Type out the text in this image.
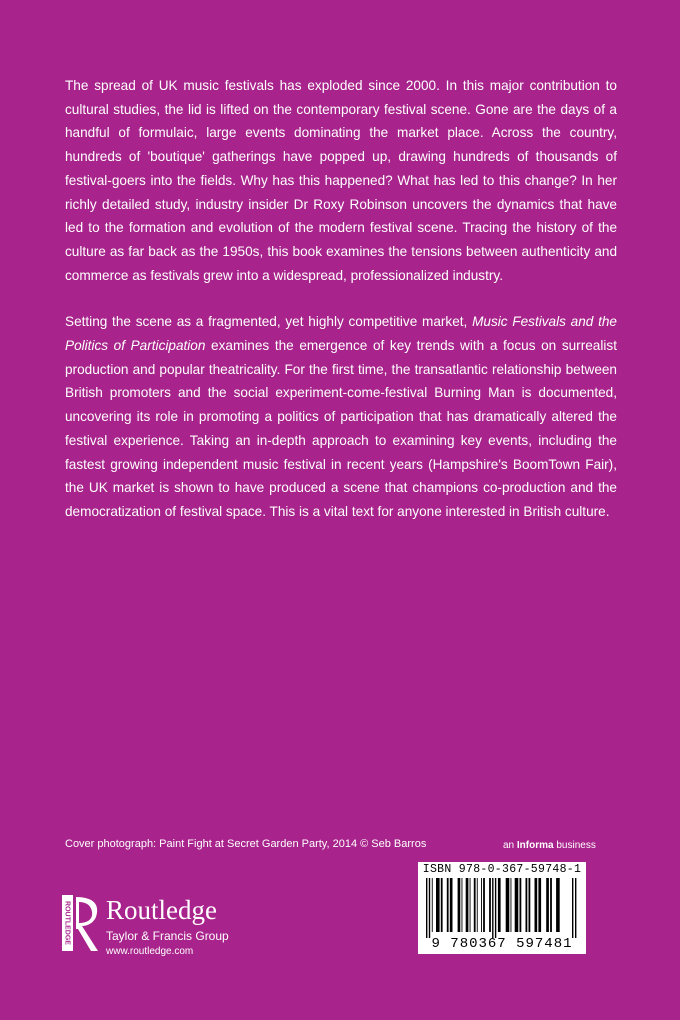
The spread of UK music festivals has exploded since 2000. In this major contribution to cultural studies, the lid is lifted on the contemporary festival scene. Gone are the days of a handful of formulaic, large events dominating the market place. Across the country, hundreds of 'boutique' gatherings have popped up, drawing hundreds of thousands of festival-goers into the fields. Why has this happened? What has led to this change? In her richly detailed study, industry insider Dr Roxy Robinson uncovers the dynamics that have led to the formation and evolution of the modern festival scene. Tracing the history of the culture as far back as the 1950s, this book examines the tensions between authenticity and commerce as festivals grew into a widespread, professionalized industry.

Setting the scene as a fragmented, yet highly competitive market, Music Festivals and the Politics of Participation examines the emergence of key trends with a focus on surrealist production and popular theatricality. For the first time, the transatlantic relationship between British promoters and the social experiment-come-festival Burning Man is documented, uncovering its role in promoting a politics of participation that has dramatically altered the festival experience. Taking an in-depth approach to examining key events, including the fastest growing independent music festival in recent years (Hampshire's BoomTown Fair), the UK market is shown to have produced a scene that champions co-production and the democratization of festival space. This is a vital text for anyone interested in British culture.

Cover photograph: Paint Fight at Secret Garden Party, 2014 © Seb Barros	an Informa business
ROUTLEDGE Routledge
Taylor & Francis Group
www.routledge.com
ISBN 978-0-367-59748-1
9 780367 597481
